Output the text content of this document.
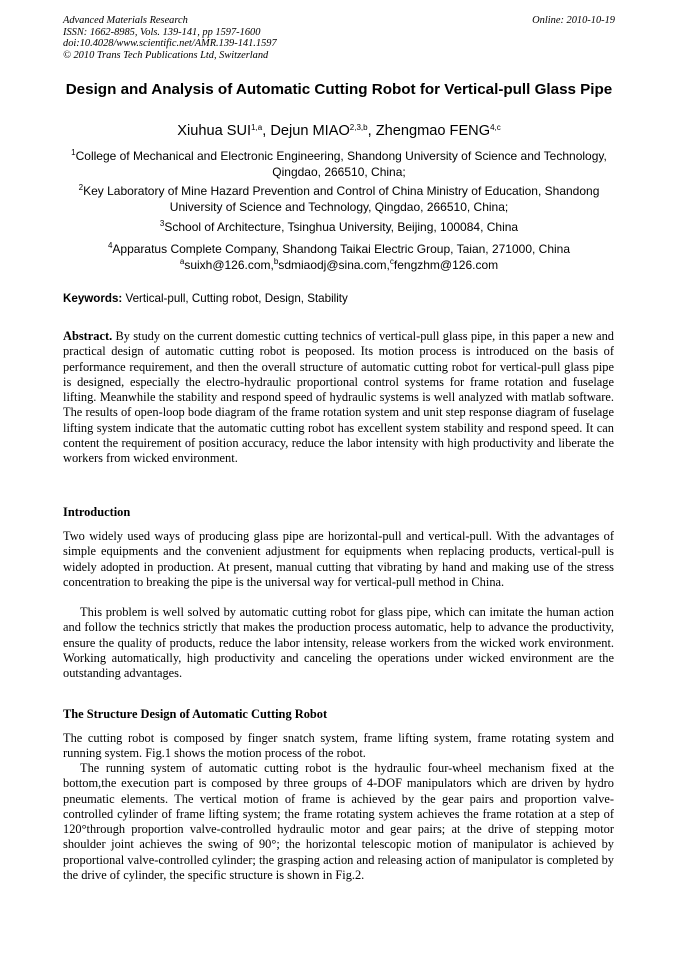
Advanced Materials Research
ISSN: 1662-8985, Vols. 139-141, pp 1597-1600
doi:10.4028/www.scientific.net/AMR.139-141.1597
© 2010 Trans Tech Publications Ltd, Switzerland
Online: 2010-10-19
Design and Analysis of Automatic Cutting Robot for Vertical-pull Glass Pipe
Xiuhua SUI$^{1,a}$, Dejun MIAO$^{2,3,b}$, Zhengmao FENG$^{4,c}$
$^1$College of Mechanical and Electronic Engineering, Shandong University of Science and Technology, Qingdao, 266510, China;
$^2$Key Laboratory of Mine Hazard Prevention and Control of China Ministry of Education, Shandong University of Science and Technology, Qingdao, 266510, China;
$^3$School of Architecture, Tsinghua University, Beijing, 100084, China
$^4$Apparatus Complete Company, Shandong Taikai Electric Group, Taian, 271000, China
$^a$suixh@126.com,$^b$sdmiaodj@sina.com,$^c$fengzhm@126.com
Keywords: Vertical-pull, Cutting robot, Design, Stability

Abstract. By study on the current domestic cutting technics of vertical-pull glass pipe, in this paper a new and practical design of automatic cutting robot is peoposed. Its motion process is introduced on the basis of performance requirement, and then the overall structure of automatic cutting robot for vertical-pull glass pipe is designed, especially the electro-hydraulic proportional control systems for frame rotation and fuselage lifting. Meanwhile the stability and respond speed of hydraulic systems is well analyzed with matlab software. The results of open-loop bode diagram of the frame rotation system and unit step response diagram of fuselage lifting system indicate that the automatic cutting robot has excellent system stability and respond speed. It can content the requirement of position accuracy, reduce the labor intensity with high productivity and liberate the workers from wicked environment.

Introduction

Two widely used ways of producing glass pipe are horizontal-pull and vertical-pull. With the advantages of simple equipments and the convenient adjustment for equipments when replacing products, vertical-pull is widely adopted in production. At present, manual cutting that vibrating by hand and making use of the stress concentration to breaking the pipe is the universal way for vertical-pull method in China.

This problem is well solved by automatic cutting robot for glass pipe, which can imitate the human action and follow the technics strictly that makes the production process automatic, help to advance the productivity, ensure the quality of products, reduce the labor intensity, release workers from the wicked work environment. Working automatically, high productivity and canceling the operations under wicked environment are the outstanding advantages.

The Structure Design of Automatic Cutting Robot

The cutting robot is composed by finger snatch system, frame lifting system, frame rotating system and running system. Fig.1 shows the motion process of the robot.

The running system of automatic cutting robot is the hydraulic four-wheel mechanism fixed at the bottom,the execution part is composed by three groups of 4-DOF manipulators which are driven by hydro pneumatic elements. The vertical motion of frame is achieved by the gear pairs and proportion valve-controlled cylinder of frame lifting system; the frame rotating system achieves the frame rotation at a step of 120°through proportion valve-controlled hydraulic motor and gear pairs; at the drive of stepping motor shoulder joint achieves the swing of 90°; the horizontal telescopic motion of manipulator is achieved by proportional valve-controlled cylinder; the grasping action and releasing action of manipulator is completed by the drive of cylinder, the specific structure is shown in Fig.2.
